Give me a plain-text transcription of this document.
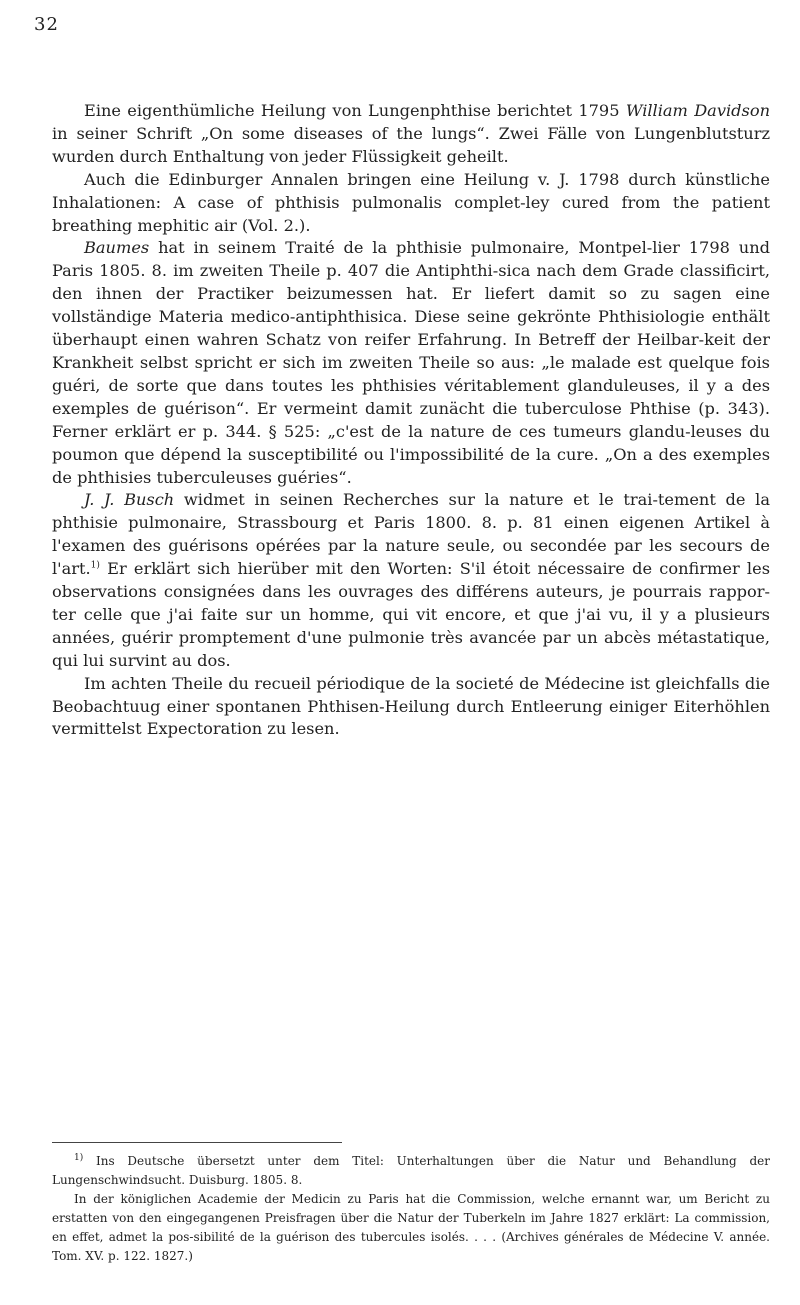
32

Eine eigenthümliche Heilung von Lungenphthise berichtet 1795 William Davidson in seiner Schrift „On some diseases of the lungs“. Zwei Fälle von Lungenblutsturz wurden durch Enthaltung von jeder Flüssigkeit geheilt.

Auch die Edinburger Annalen bringen eine Heilung v. J. 1798 durch künstliche Inhalationen: A case of phthisis pulmonalis complet-ley cured from the patient breathing mephitic air (Vol. 2.).

Baumes hat in seinem Traité de la phthisie pulmonaire, Montpel-lier 1798 und Paris 1805. 8. im zweiten Theile p. 407 die Antiphthi-sica nach dem Grade classificirt, den ihnen der Practiker beizumessen hat. Er liefert damit so zu sagen eine vollständige Materia medico-antiphthisica. Diese seine gekrönte Phthisiologie enthält überhaupt einen wahren Schatz von reifer Erfahrung. In Betreff der Heilbar-keit der Krankheit selbst spricht er sich im zweiten Theile so aus: „le malade est quelque fois guéri, de sorte que dans toutes les phthisies véritablement glanduleuses, il y a des exemples de guérison“. Er vermeint damit zunächt die tuberculose Phthise (p. 343). Ferner erklärt er p. 344. § 525: „c'est de la nature de ces tumeurs glandu-leuses du poumon que dépend la susceptibilité ou l'impossibilité de la cure. „On a des exemples de phthisies tuberculeuses guéries“.

J. J. Busch widmet in seinen Recherches sur la nature et le trai-tement de la phthisie pulmonaire, Strassbourg et Paris 1800. 8. p. 81 einen eigenen Artikel à l'examen des guérisons opérées par la nature seule, ou secondée par les secours de l'art.$^{1)}$ Er erklärt sich hierüber mit den Worten: S'il étoit nécessaire de confirmer les observations consignées dans les ouvrages des différens auteurs, je pourrais rappor-ter celle que j'ai faite sur un homme, qui vit encore, et que j'ai vu, il y a plusieurs années, guérir promptement d'une pulmonie très avancée par un abcès métastatique, qui lui survint au dos.

Im achten Theile du recueil périodique de la societé de Médecine ist gleichfalls die Beobachtuug einer spontanen Phthisen-Heilung durch Entleerung einiger Eiterhöhlen vermittelst Expectoration zu lesen.

$^{1)}$ Ins Deutsche übersetzt unter dem Titel: Unterhaltungen über die Natur und Behandlung der Lungenschwindsucht. Duisburg. 1805. 8.

In der königlichen Academie der Medicin zu Paris hat die Commission, welche ernannt war, um Bericht zu erstatten von den eingegangenen Preisfragen über die Natur der Tuberkeln im Jahre 1827 erklärt: La commission, en effet, admet la pos-sibilité de la guérison des tubercules isolés. . . . (Archives générales de Médecine V. année. Tom. XV. p. 122. 1827.)
